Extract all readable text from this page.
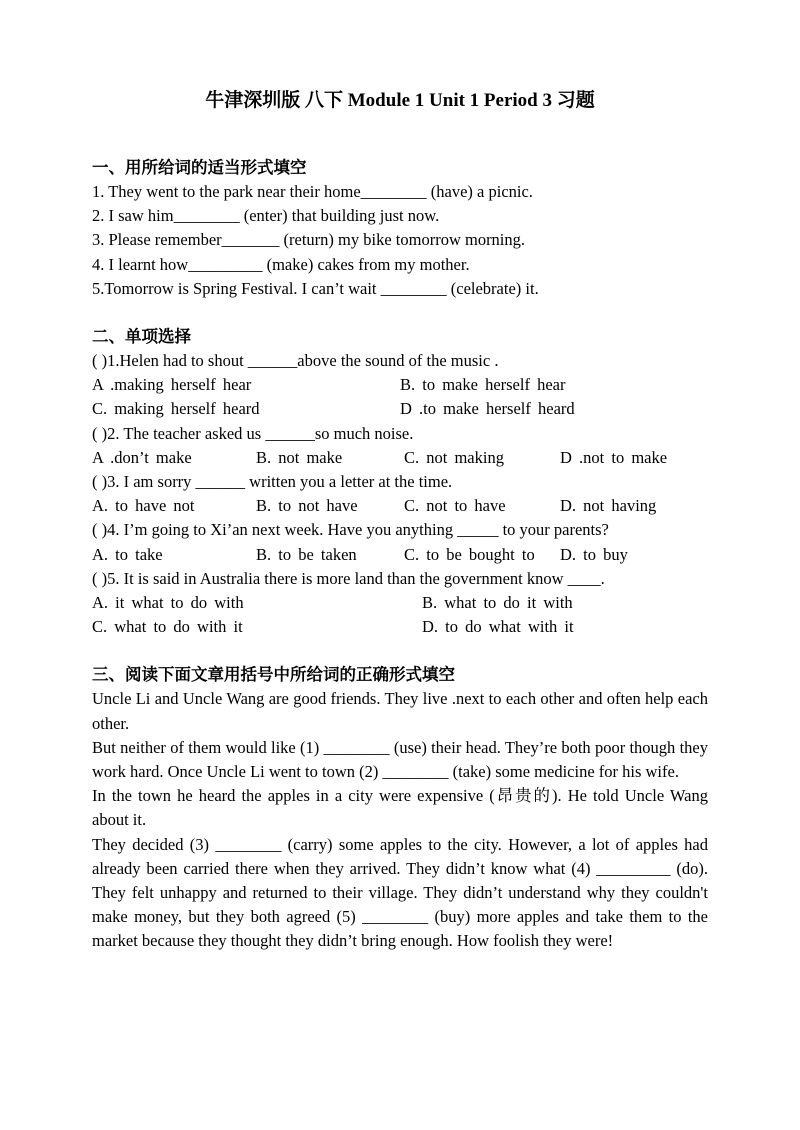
牛津深圳版 八下 Module 1 Unit 1 Period 3 习题
一、用所给词的适当形式填空
1. They went to the park near their home________ (have) a picnic.
2. I saw him________ (enter) that building just now.
3. Please remember_______ (return) my bike tomorrow morning.
4. I learnt how_________ (make) cakes from my mother.
5.Tomorrow is Spring Festival. I can’t wait ________ (celebrate) it.
二、单项选择
( )1.Helen had to shout ______above the sound of the music .
A .making herself hear	B. to make herself hear
C. making herself heard	D .to make herself heard
( )2. The teacher asked us ______so much noise.
A .don’t make	B. not make	C. not making	D .not to make
( )3. I am sorry ______ written you a letter at the time.
A. to have not	B. to not have	C. not to have	D. not having
( )4. I’m going to Xi’an next week. Have you anything _____ to your parents?
A. to take	B. to be taken	C. to be bought to	D. to buy
( )5. It is said in Australia there is more land than the government know ____.
A. it what to do with	B. what to do it with
C. what to do with it	D. to do what with it
三、阅读下面文章用括号中所给词的正确形式填空
Uncle Li and Uncle Wang are good friends. They live .next to each other and often help each other.
But neither of them would like (1) ________ (use) their head. They’re both poor though they work hard. Once Uncle Li went to town (2) ________ (take) some medicine for his wife.
In the town he heard the apples in a city were expensive (昂贵的). He told Uncle Wang about it.
They decided (3) ________ (carry) some apples to the city. However, a lot of apples had already been carried there when they arrived. They didn’t know what (4) _________ (do). They felt unhappy and returned to their village. They didn’t understand why they couldn't make money, but they both agreed (5) ________ (buy) more apples and take them to the market because they thought they didn’t bring enough. How foolish they were!
